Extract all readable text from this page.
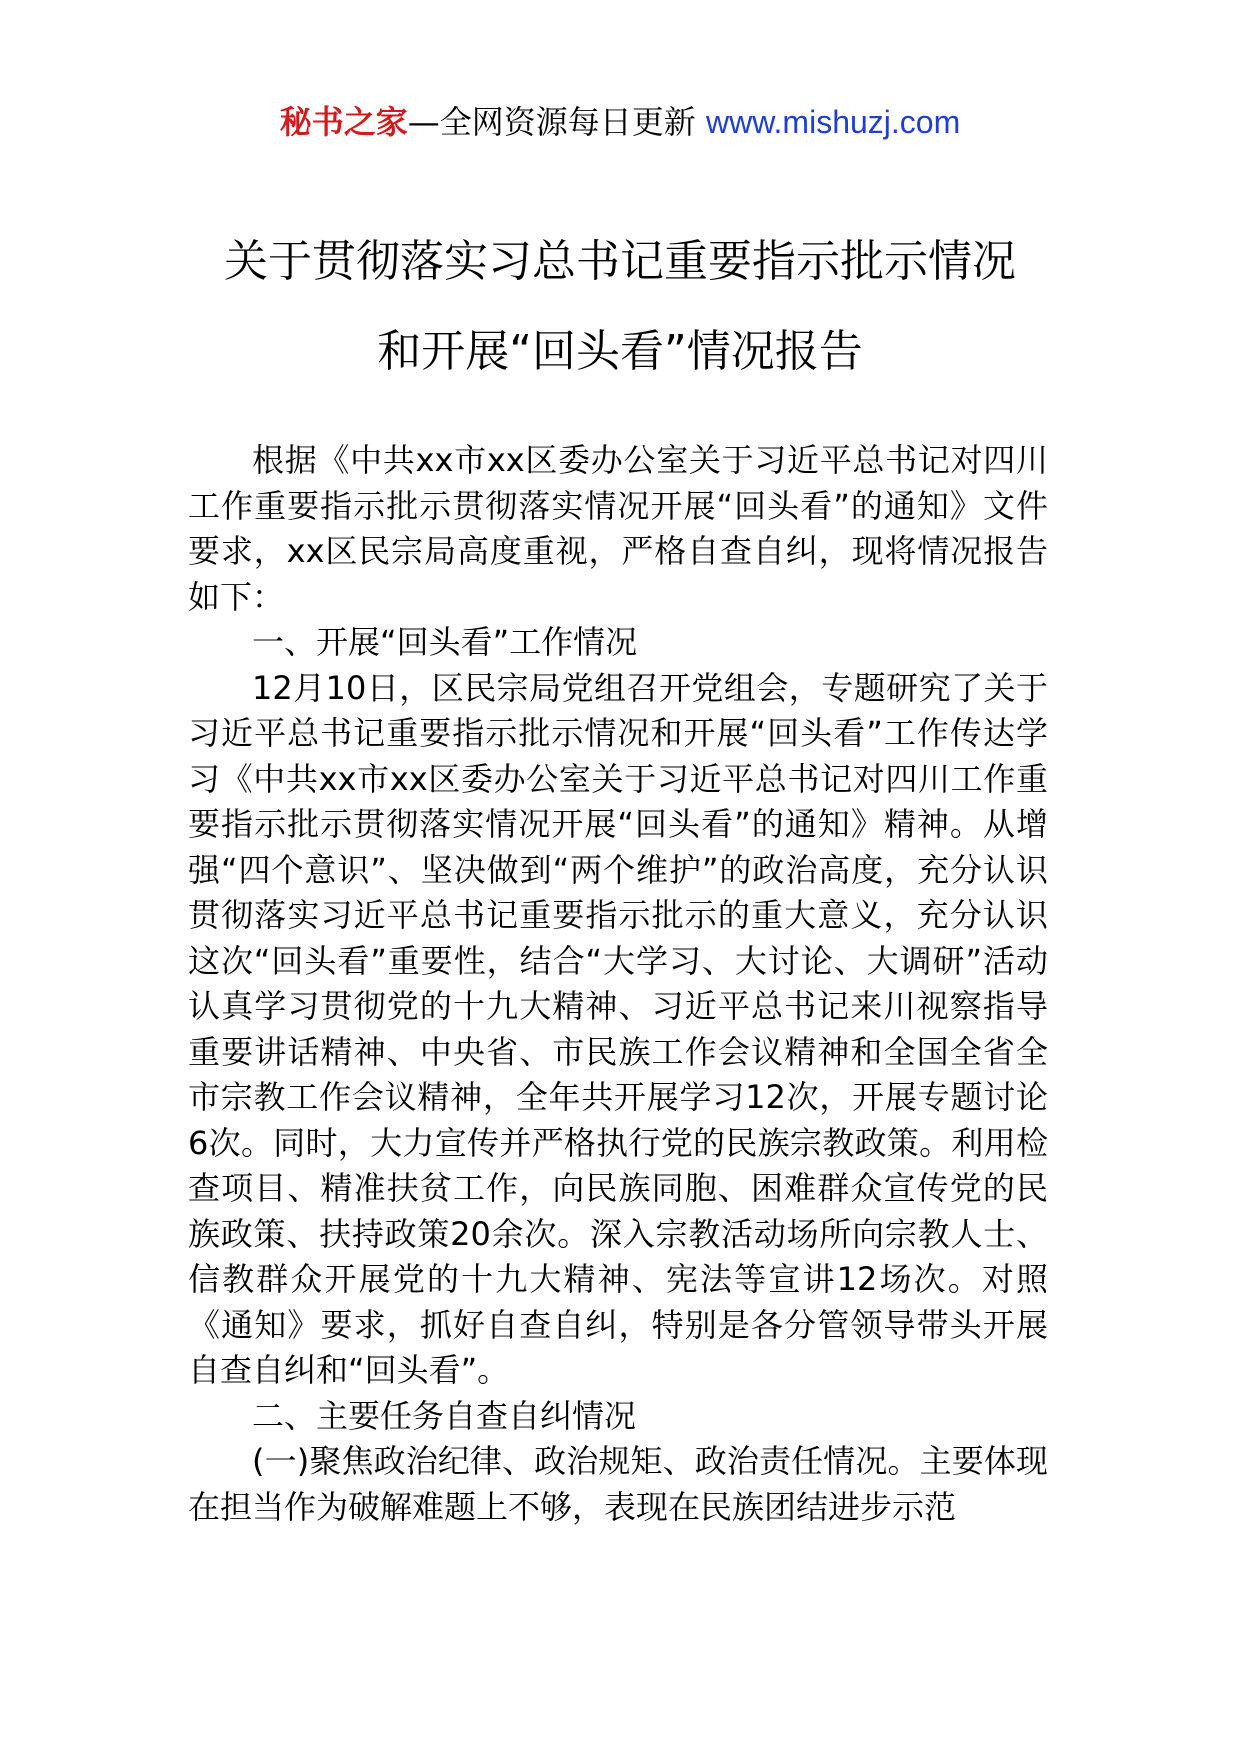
秘书之家—全网资源每日更新 www.mishuzj.com
关于贯彻落实习总书记重要指示批示情况
和开展“回头看”情况报告

根据《中共xx市xx区委办公室关于习近平总书记对四川工作重要指示批示贯彻落实情况开展“回头看”的通知》文件要求，xx区民宗局高度重视，严格自查自纠，现将情况报告如下：

一、开展“回头看”工作情况

12月10日，区民宗局党组召开党组会，专题研究了关于习近平总书记重要指示批示情况和开展“回头看”工作传达学习《中共xx市xx区委办公室关于习近平总书记对四川工作重要指示批示贯彻落实情况开展“回头看”的通知》精神。从增强“四个意识”、坚决做到“两个维护”的政治高度，充分认识贯彻落实习近平总书记重要指示批示的重大意义，充分认识这次“回头看”重要性，结合“大学习、大讨论、大调研”活动认真学习贯彻党的十九大精神、习近平总书记来川视察指导重要讲话精神、中央省、市民族工作会议精神和全国全省全市宗教工作会议精神，全年共开展学习12次，开展专题讨论6次。同时，大力宣传并严格执行党的民族宗教政策。利用检查项目、精准扶贫工作，向民族同胞、困难群众宣传党的民族政策、扶持政策20余次。深入宗教活动场所向宗教人士、信教群众开展党的十九大精神、宪法等宣讲12场次。对照《通知》要求，抓好自查自纠，特别是各分管领导带头开展自查自纠和“回头看”。

二、主要任务自查自纠情况

(一)聚焦政治纪律、政治规矩、政治责任情况。主要体现在担当作为破解难题上不够，表现在民族团结进步示范
